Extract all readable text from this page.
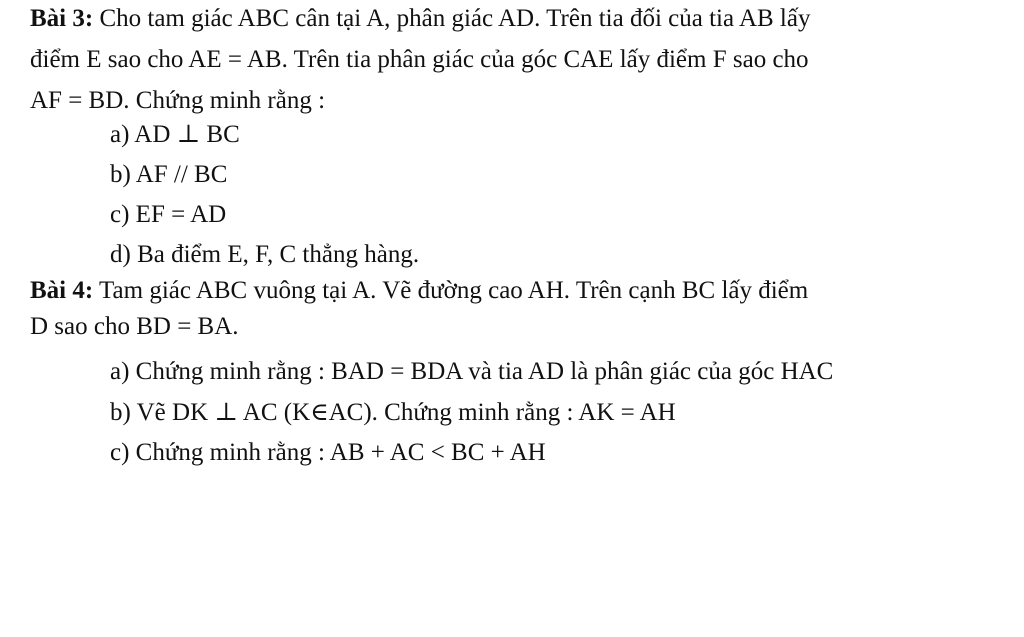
Bài 3: Cho tam giác ABC cân tại A, phân giác AD. Trên tia đối của tia AB lấy
điểm E sao cho AE = AB. Trên tia phân giác của góc CAE lấy điểm F sao cho
AF = BD. Chứng minh rằng :
a) AD ⊥ BC
b) AF // BC
c) EF = AD
d) Ba điểm E, F, C thẳng hàng.
Bài 4: Tam giác ABC vuông tại A. Vẽ đường cao AH. Trên cạnh BC lấy điểm
D sao cho BD = BA.
a) Chứng minh rằng : BAD = BDA và tia AD là phân giác của góc HAC
b) Vẽ DK ⊥ AC (K∈AC). Chứng minh rằng : AK = AH
c) Chứng minh rằng : AB + AC < BC + AH
